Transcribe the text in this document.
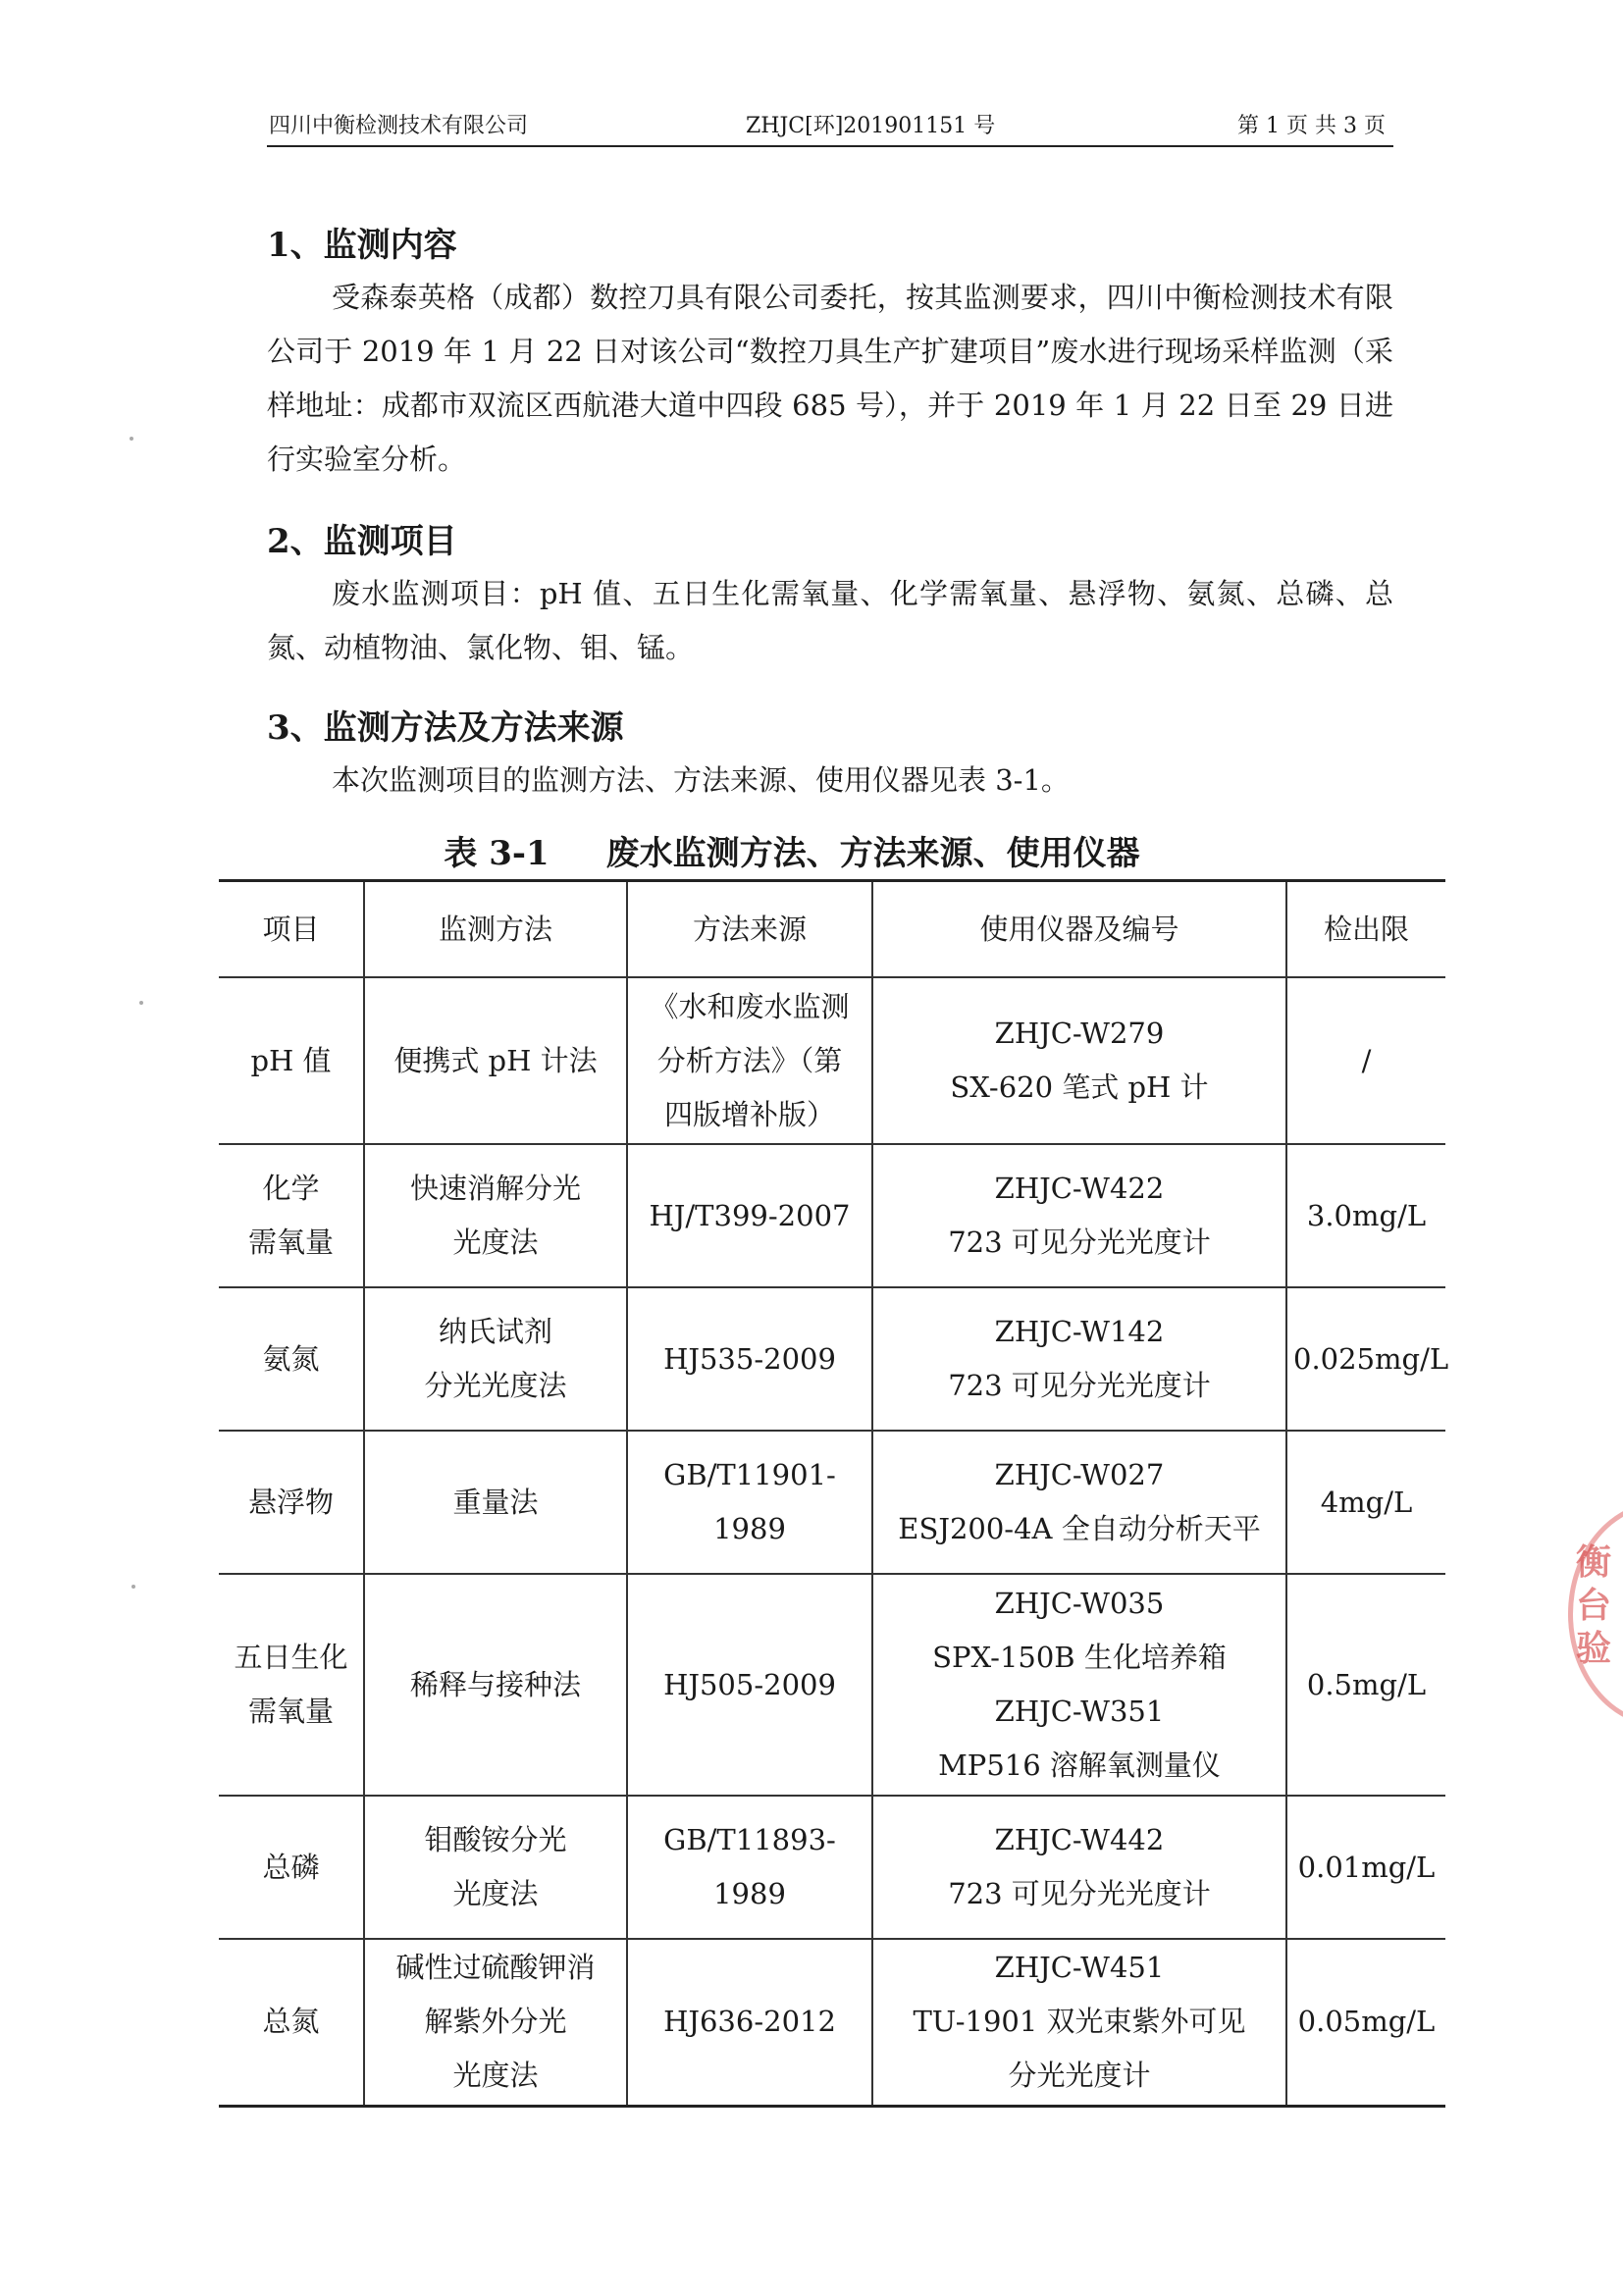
四川中衡检测技术有限公司	ZHJC[环]201901151 号	第 1 页 共 3 页
1、监测内容

受森泰英格（成都）数控刀具有限公司委托，按其监测要求，四川中衡检测技术有限公司于 2019 年 1 月 22 日对该公司“数控刀具生产扩建项目”废水进行现场采样监测（采样地址：成都市双流区西航港大道中四段 685 号），并于 2019 年 1 月 22 日至 29 日进行实验室分析。

2、监测项目

废水监测项目：pH 值、五日生化需氧量、化学需氧量、悬浮物、氨氮、总磷、总氮、动植物油、氯化物、钼、锰。

3、监测方法及方法来源

本次监测项目的监测方法、方法来源、使用仪器见表 3-1。

表 3-1 废水监测方法、方法来源、使用仪器
项目	监测方法	方法来源	使用仪器及编号	检出限

pH 值	便携式 pH 计法	《水和废水监测
分析方法》（第
四版增补版）	ZHJC-W279
SX-620 笔式 pH 计	/

化学
需氧量	快速消解分光
光度法	HJ/T399-2007	ZHJC-W422
723 可见分光光度计	3.0mg/L

氨氮	纳氏试剂
分光光度法	HJ535-2009	ZHJC-W142
723 可见分光光度计	0.025mg/L

悬浮物	重量法	GB/T11901-1989	ZHJC-W027
ESJ200-4A 全自动分析天平	4mg/L

五日生化
需氧量	稀释与接种法	HJ505-2009	ZHJC-W035
SPX-150B 生化培养箱
ZHJC-W351
MP516 溶解氧测量仪	0.5mg/L

总磷	钼酸铵分光
光度法	GB/T11893-1989	ZHJC-W442
723 可见分光光度计	0.01mg/L

总氮	碱性过硫酸钾消
解紫外分光
光度法	HJ636-2012	ZHJC-W451
TU-1901 双光束紫外可见
分光光度计	0.05mg/L
衡
台
验
